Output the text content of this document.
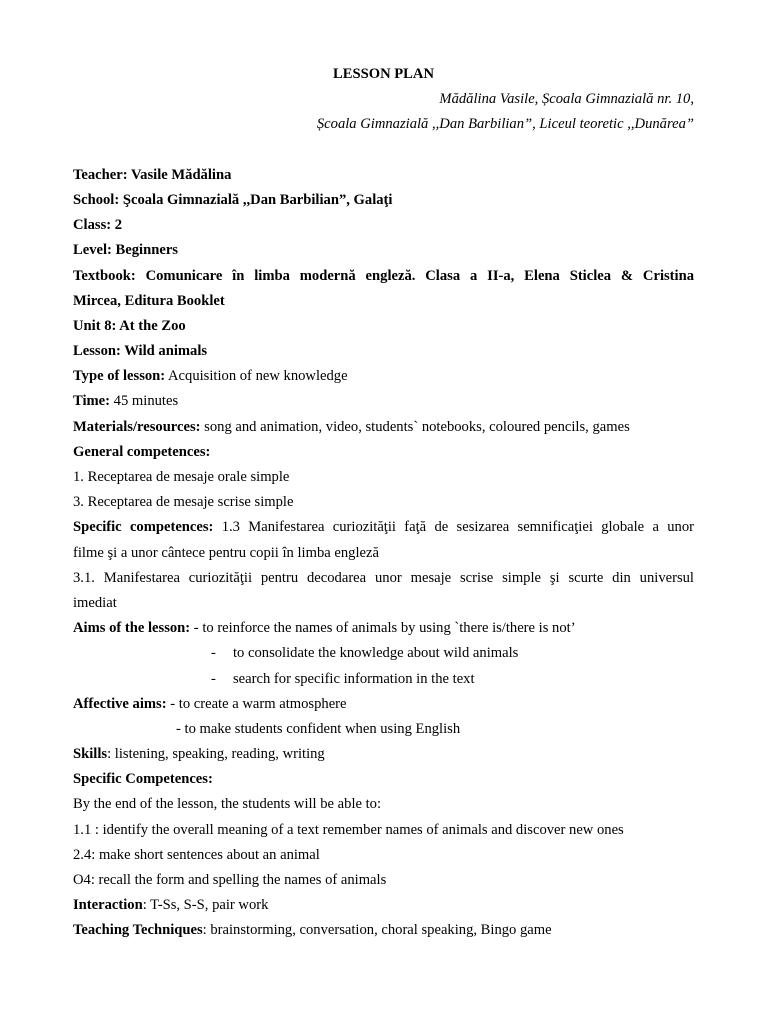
LESSON PLAN
Mădălina Vasile, Școala Gimnazială nr. 10,
Școala Gimnazială ,,Dan Barbilian”, Liceul teoretic ,,Dunărea”
Teacher: Vasile Mădălina
School: Şcoala Gimnazială ,,Dan Barbilian”, Galaţi
Class: 2
Level: Beginners
Textbook: Comunicare în limba modernă engleză. Clasa a II-a, Elena Sticlea & Cristina
Mircea, Editura Booklet
Unit 8: At the Zoo
Lesson: Wild animals
Type of lesson: Acquisition of new knowledge
Time: 45 minutes
Materials/resources: song and animation, video, students` notebooks, coloured pencils, games
General competences:
1. Receptarea de mesaje orale simple
3. Receptarea de mesaje scrise simple
Specific competences: 1.3 Manifestarea curiozităţii faţă de sesizarea semnificaţiei globale a unor
filme şi a unor cântece pentru copii în limba engleză
3.1. Manifestarea curiozităţii pentru decodarea unor mesaje scrise simple şi scurte din universul
imediat
Aims of the lesson: - to reinforce the names of animals by using `there is/there is not’
- to consolidate the knowledge about wild animals
- search for specific information in the text
Affective aims: - to create a warm atmosphere
- to make students confident when using English
Skills: listening, speaking, reading, writing
Specific Competences:
By the end of the lesson, the students will be able to:
1.1 : identify the overall meaning of a text remember names of animals and discover new ones
2.4: make short sentences about an animal
O4: recall the form and spelling the names of animals
Interaction: T-Ss, S-S, pair work
Teaching Techniques: brainstorming, conversation, choral speaking, Bingo game
